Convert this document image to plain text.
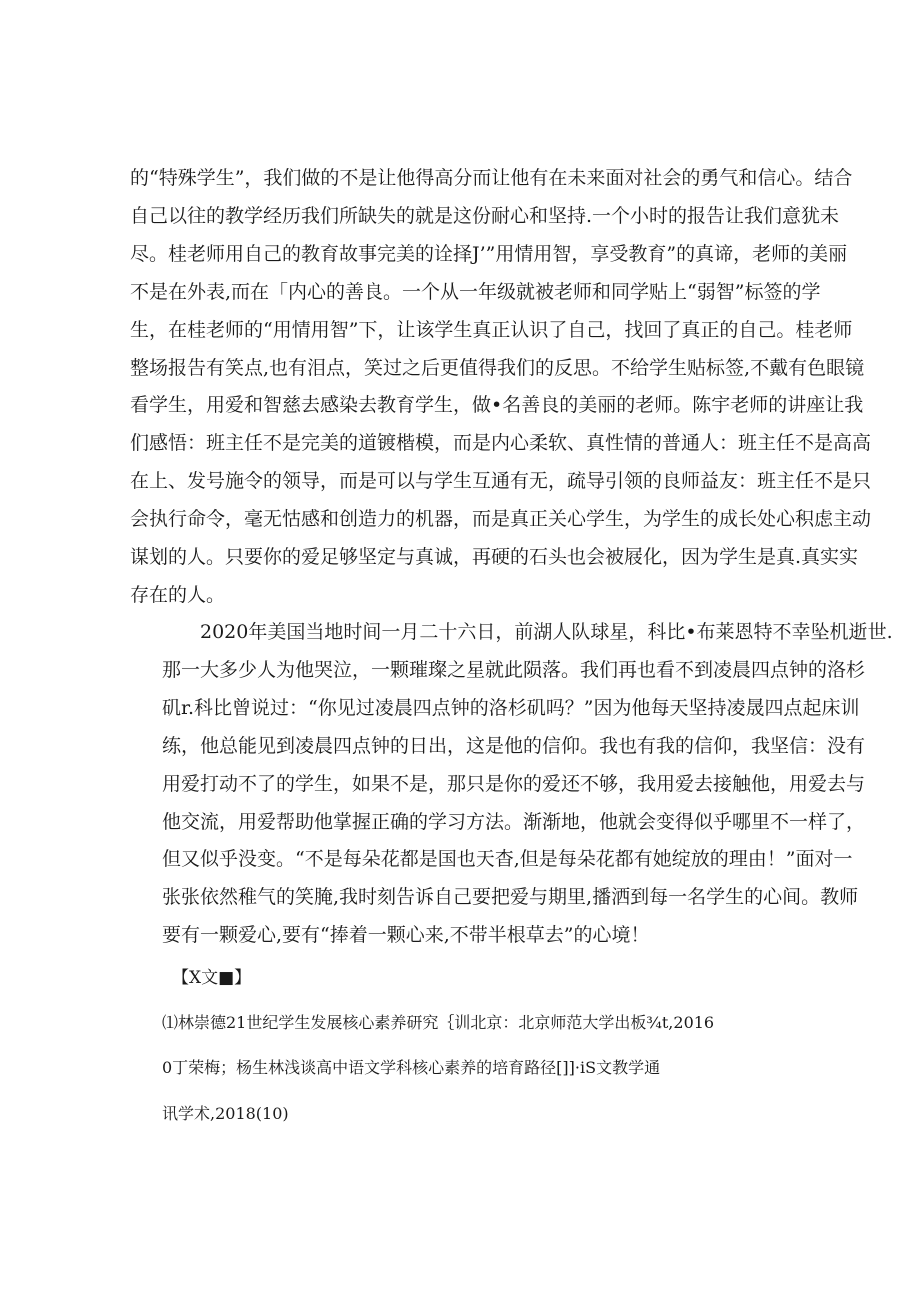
的“特殊学生”，我们做的不是让他得高分而让他有在未来面对社会的勇气和信心。结合
自己以往的教学经历我们所缺失的就是这份耐心和坚持.一个小时的报告让我们意犹未
尽。桂老师用自己的教育故事完美的诠择J’”用情用智，享受教育”的真谛，老师的美丽
不是在外表,而在「内心的善良。一个从一年级就被老师和同学贴上“弱智”标签的学
生，在桂老师的“用情用智”下，让该学生真正认识了自己，找回了真正的自己。桂老师
整场报告有笑点,也有泪点，笑过之后更值得我们的反思。不给学生贴标签,不戴有色眼镜
看学生，用爱和智慈去感染去教育学生，做•名善良的美丽的老师。陈宇老师的讲座让我
们感悟：班主任不是完美的道镀楷模，而是内心柔软、真性情的普通人：班主任不是高高
在上、发号施令的领导，而是可以与学生互通有无，疏导引领的良师益友：班主任不是只
会执行命令，毫无怙感和创造力的机器，而是真正关心学生，为学生的成长处心积虑主动
谋划的人。只要你的爱足够坚定与真诚，再硬的石头也会被屐化，因为学生是真.真实实
存在的人。
2020年美国当地时间一月二十六日，前湖人队球星，科比•布莱恩特不幸坠机逝世.
那一大多少人为他哭泣，一颗璀璨之星就此陨落。我们再也看不到凌晨四点钟的洛杉
矶r.科比曾说过：“你见过凌晨四点钟的洛杉矶吗？”因为他每天坚持凌晟四点起床训
练，他总能见到凌晨四点钟的日出，这是他的信仰。我也有我的信仰，我坚信：没有
用爱打动不了的学生，如果不是，那只是你的爱还不够，我用爱去接触他，用爱去与
他交流，用爱帮助他掌握正确的学习方法。渐渐地，他就会变得似乎哪里不一样了，
但又似乎没变。“不是每朵花都是国也天杳,但是每朵花都有她绽放的理由！”面对一
张张依然稚气的笑腌,我时刻告诉自己要把爱与期里,播洒到每一名学生的心间。教师
要有一颗爱心,要有“捧着一颗心来,不带半根草去”的心境！
【X文■】
⑴林崇德21世纪学生发展核心素养研究｛训北京：北京师范大学出板¾t,2016
0丁荣梅；杨生林浅谈高中语文学科核心素养的培育路径[]]·iS文教学通
讯学术,2018(10)
